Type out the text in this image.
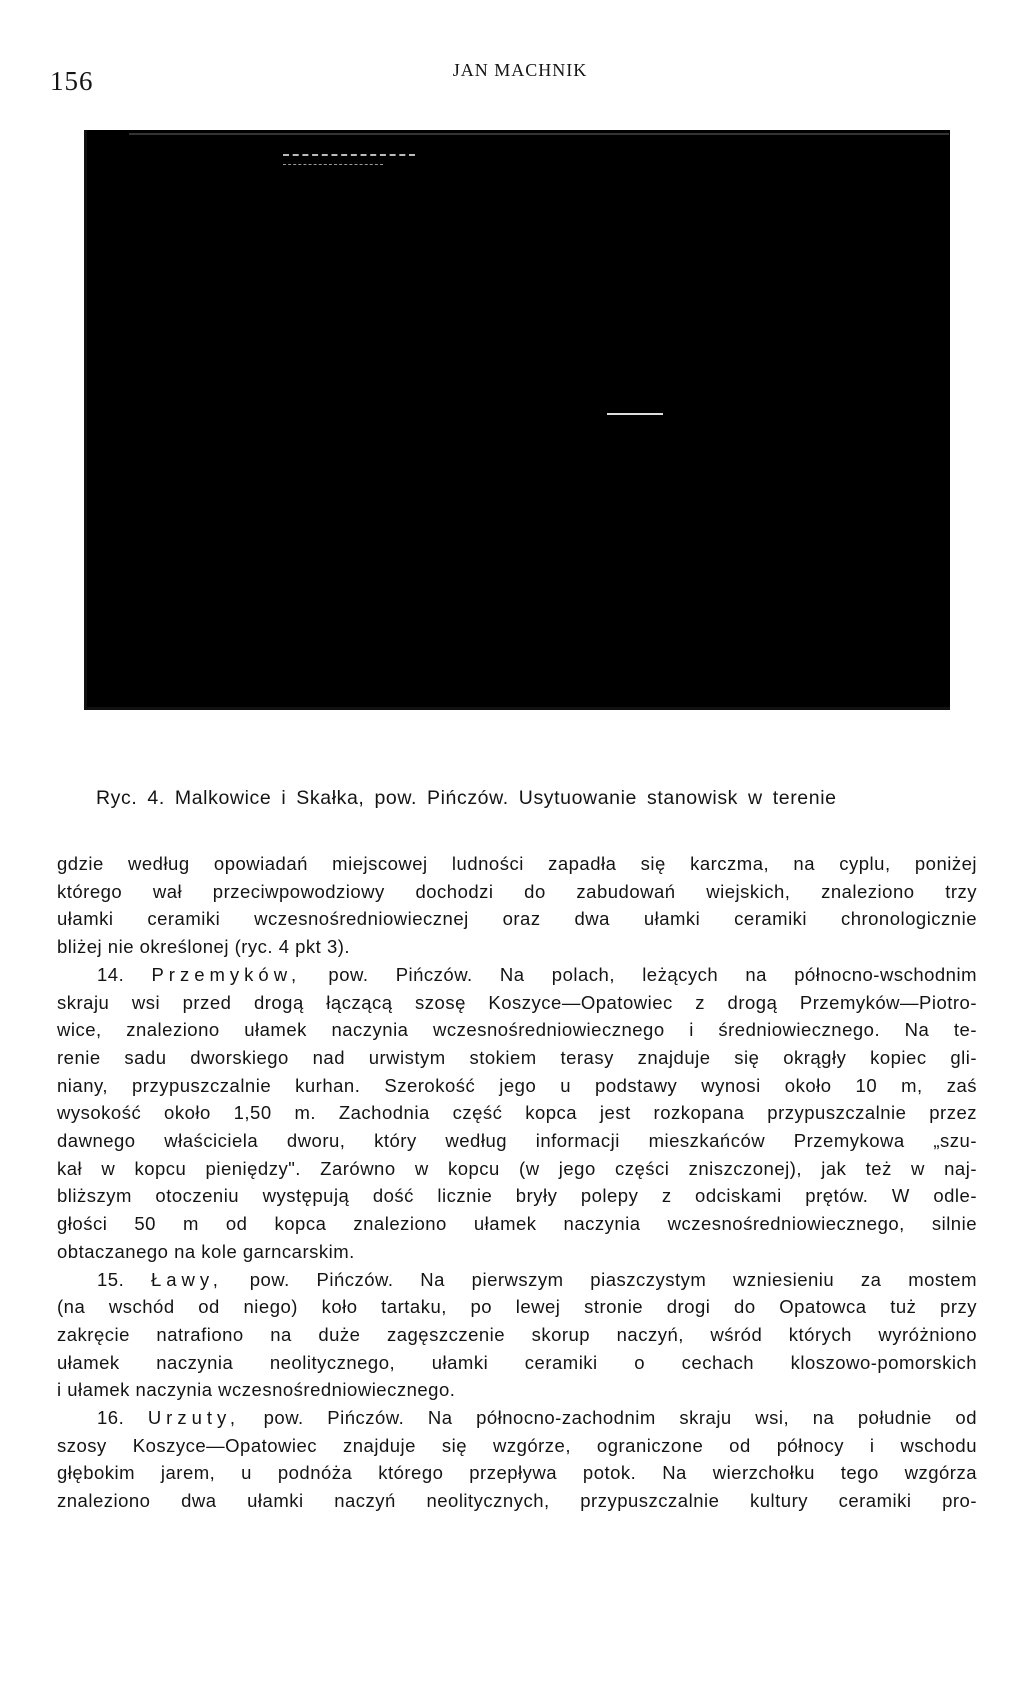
156	JAN MACHNIK
Ryc. 4. Malkowice i Skałka, pow. Pińczów. Usytuowanie stanowisk w terenie

gdzie według opowiadań miejscowej ludności zapadła się karczma, na cyplu, poniżej

którego wał przeciwpowodziowy dochodzi do zabudowań wiejskich, znaleziono trzy

ułamki ceramiki wczesnośredniowiecznej oraz dwa ułamki ceramiki chronologicznie

bliżej nie określonej (ryc. 4 pkt 3).

14. Przemyków, pow. Pińczów. Na polach, leżących na północno-wschodnim

skraju wsi przed drogą łączącą szosę Koszyce—Opatowiec z drogą Przemyków—Piotro-

wice, znaleziono ułamek naczynia wczesnośredniowiecznego i średniowiecznego. Na te-

renie sadu dworskiego nad urwistym stokiem terasy znajduje się okrągły kopiec gli-

niany, przypuszczalnie kurhan. Szerokość jego u podstawy wynosi około 10 m, zaś

wysokość około 1,50 m. Zachodnia część kopca jest rozkopana przypuszczalnie przez

dawnego właściciela dworu, który według informacji mieszkańców Przemykowa „szu-

kał w kopcu pieniędzy". Zarówno w kopcu (w jego części zniszczonej), jak też w naj-

bliższym otoczeniu występują dość licznie bryły polepy z odciskami prętów. W odle-

głości 50 m od kopca znaleziono ułamek naczynia wczesnośredniowiecznego, silnie

obtaczanego na kole garncarskim.

15. Ławy, pow. Pińczów. Na pierwszym piaszczystym wzniesieniu za mostem

(na wschód od niego) koło tartaku, po lewej stronie drogi do Opatowca tuż przy

zakręcie natrafiono na duże zagęszczenie skorup naczyń, wśród których wyróżniono

ułamek naczynia neolitycznego, ułamki ceramiki o cechach kloszowo-pomorskich

i ułamek naczynia wczesnośredniowiecznego.

16. Urzuty, pow. Pińczów. Na północno-zachodnim skraju wsi, na południe od

szosy Koszyce—Opatowiec znajduje się wzgórze, ograniczone od północy i wschodu

głębokim jarem, u podnóża którego przepływa potok. Na wierzchołku tego wzgórza

znaleziono dwa ułamki naczyń neolitycznych, przypuszczalnie kultury ceramiki pro-
